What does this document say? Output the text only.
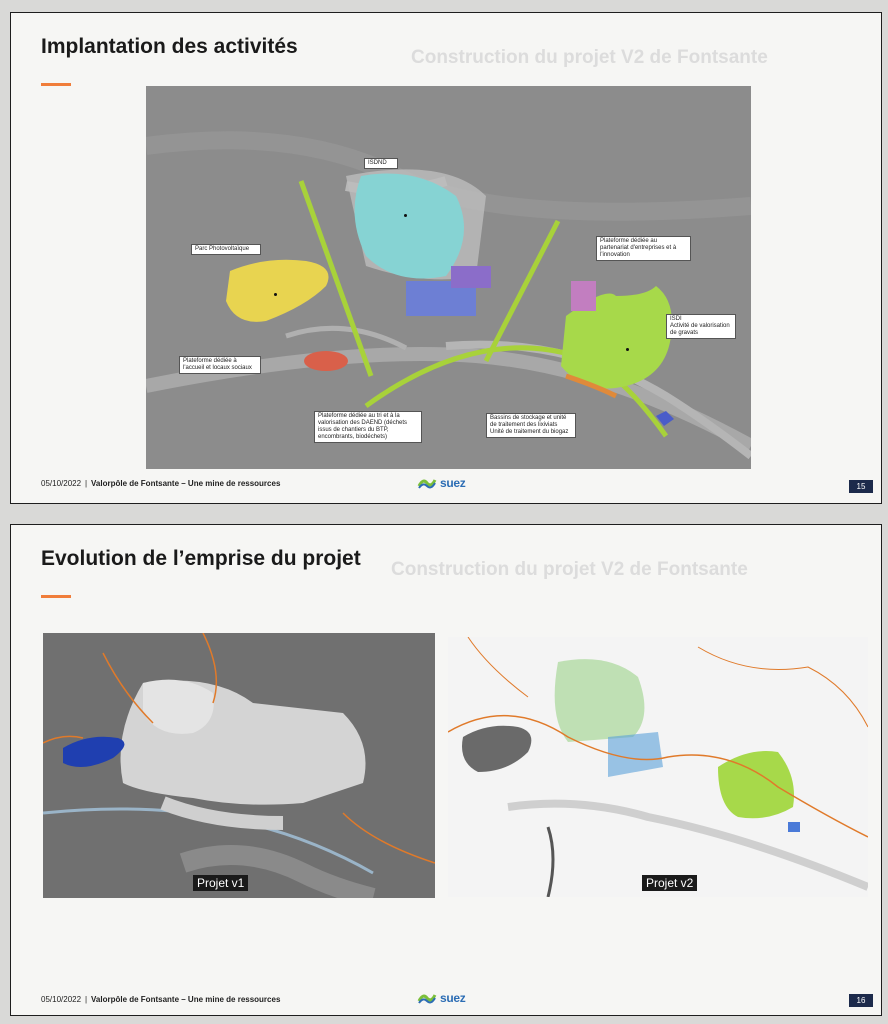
Construction du projet V2 de Fontsante
Implantation des activités
ISDND
Parc Photovoltaïque
Plateforme dédiée au partenariat d'entreprises et à l'innovation
ISDI
Activité de valorisation de gravats
Plateforme dédiée à l'accueil et locaux sociaux
Plateforme dédiée au tri et à la valorisation des DAEND (déchets issus de chantiers du BTP, encombrants, biodéchets)
Bassins de stockage et unité de traitement des lixiviats
Unité de traitement du biogaz
05/10/2022 | Valorpôle de Fontsante – Une mine de ressources	suez	15
Construction du projet V2 de Fontsante
Evolution de l’emprise du projet
Projet v1	Projet v2
05/10/2022 | Valorpôle de Fontsante – Une mine de ressources	suez	16
